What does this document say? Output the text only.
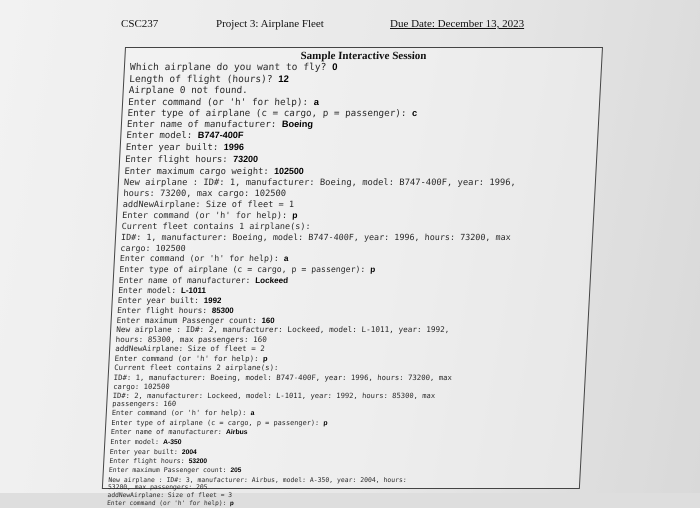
CSC237	Project 3: Airplane Fleet	Due Date: December 13, 2023
Sample Interactive Session
Which airplane do you want to fly? 0
Length of flight (hours)? 12
Airplane 0 not found.
Enter command (or 'h' for help): a
Enter type of airplane (c = cargo, p = passenger): c
Enter name of manufacturer: Boeing
Enter model: B747-400F
Enter year built: 1996
Enter flight hours: 73200
Enter maximum cargo weight: 102500
New airplane : ID#: 1, manufacturer: Boeing, model: B747-400F, year: 1996,
hours: 73200, max cargo: 102500
addNewAirplane: Size of fleet = 1
Enter command (or 'h' for help): p
Current fleet contains 1 airplane(s):
ID#: 1, manufacturer: Boeing, model: B747-400F, year: 1996, hours: 73200, max
cargo: 102500
Enter command (or 'h' for help): a
Enter type of airplane (c = cargo, p = passenger): p
Enter name of manufacturer: Lockeed
Enter model: L-1011
Enter year built: 1992
Enter flight hours: 85300
Enter maximum Passenger count: 160
New airplane : ID#: 2, manufacturer: Lockeed, model: L-1011, year: 1992,
hours: 85300, max passengers: 160
addNewAirplane: Size of fleet = 2
Enter command (or 'h' for help): p
Current fleet contains 2 airplane(s):
ID#: 1, manufacturer: Boeing, model: B747-400F, year: 1996, hours: 73200, max
cargo: 102500
ID#: 2, manufacturer: Lockeed, model: L-1011, year: 1992, hours: 85300, max
passengers: 160
Enter command (or 'h' for help): a
Enter type of airplane (c = cargo, p = passenger): p
Enter name of manufacturer: Airbus
Enter model: A-350
Enter year built: 2004
Enter flight hours: 53200
Enter maximum Passenger count: 205
New airplane : ID#: 3, manufacturer: Airbus, model: A-350, year: 2004, hours:
53200, max passengers: 205
addNewAirplane: Size of fleet = 3
Enter command (or 'h' for help): p
